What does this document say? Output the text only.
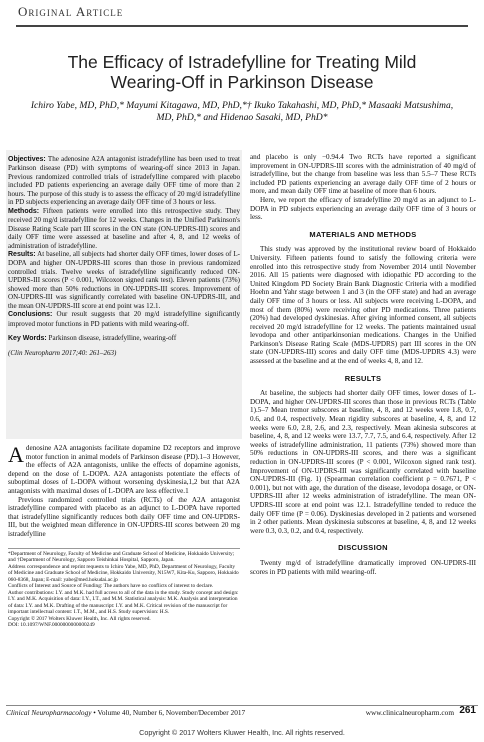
Original Article
The Efficacy of Istradefylline for Treating Mild Wearing-Off in Parkinson Disease
Ichiro Yabe, MD, PhD,* Mayumi Kitagawa, MD, PhD,*† Ikuko Takahashi, MD, PhD,* Masaaki Matsushima, MD, PhD,* and Hidenao Sasaki, MD, PhD*

Objectives: The adenosine A2A antagonist istradefylline has been used to treat Parkinson disease (PD) with symptoms of wearing-off since 2013 in Japan. Previous randomized controlled trials of istradefylline compared with placebo included PD patients experiencing an average daily OFF time of more than 2 hours. The purpose of this study is to assess the efficacy of 20 mg/d istradefylline in PD subjects experiencing an average daily OFF time of 3 hours or less.

Methods: Fifteen patients were enrolled into this retrospective study. They received 20 mg/d istradefylline for 12 weeks. Changes in the Unified Parkinson's Disease Rating Scale part III scores in the ON state (ON-UPDRS-III) scores and daily OFF time were assessed at baseline and after 4, 8, and 12 weeks of administration of istradefylline.

Results: At baseline, all subjects had shorter daily OFF times, lower doses of L-DOPA and higher ON-UPDRS-III scores than those in previous randomized controlled trials. Twelve weeks of istradefylline significantly reduced ON-UPDRS-III scores (P < 0.001, Wilcoxon signed rank test). Eleven patients (73%) showed more than 50% reductions in ON-UPDRS-III scores. Improvement of ON-UPDRS-III was significantly correlated with baseline ON-UPDRS-III, and the mean ON-UPDRS-III score at end point was 12.1.

Conclusions: Our result suggests that 20 mg/d istradefylline significantly improved motor functions in PD patients with mild wearing-off.

Key Words: Parkinson disease, istradefylline, wearing-off

(Clin Neuropharm 2017;40: 261–263)

Adenosine A2A antagonists facilitate dopamine D2 receptors and improve motor function in animal models of Parkinson disease (PD).1–3 However, the effects of A2A antagonists, unlike the effects of dopamine agonists, depend on the dose of L-DOPA. A2A antagonists potentiate the effects of suboptimal doses of L-DOPA without worsening dyskinesia,1,2 but that A2A antagonists with maximal doses of L-DOPA are less effective.1

Previous randomized controlled trials (RCTs) of the A2A antagonist istradefylline compared with placebo as an adjunct to L-DOPA have reported that istradefylline significantly reduces both daily OFF time and ON-UPDRS-III, but the weighted mean difference in ON-UPDRS-III scores between 20 mg istradefylline

*Department of Neurology, Faculty of Medicine and Graduate School of Medicine, Hokkaido University; and †Department of Neurology, Sapporo Teishinkai Hospital, Sapporo, Japan.

Address correspondence and reprint requests to Ichiro Yabe, MD, PhD, Department of Neurology, Faculty of Medicine and Graduate School of Medicine, Hokkaido University, N15W7, Kita-Ku, Sapporo, Hokkaido 060-8368, Japan; E-mail: yabe@med.hokudai.ac.jp

Conflicts of Interest and Source of Funding: The authors have no conflicts of interest to declare.

Author contributions: I.Y. and M.K. had full access to all of the data in the study. Study concept and design: I.Y. and M.K. Acquisition of data: I.Y., I.T., and M.M. Statistical analysis: M.K. Analysis and interpretation of data: I.Y. and M.K. Drafting of the manuscript: I.Y. and M.K. Critical revision of the manuscript for important intellectual content: I.T., M.M., and H.S. Study supervision: H.S.

Copyright © 2017 Wolters Kluwer Health, Inc. All rights reserved.

DOI: 10.1097/WNF.0000000000000249

and placebo is only −0.94.4 Two RCTs have reported a significant improvement in ON-UPDRS-III scores with the administration of 40 mg/d of istradefylline, but the change from baseline was less than 5.5–7 These RCTs included PD patients experiencing an average daily OFF time of 2 hours or more, and mean daily OFF time at baseline of more than 6 hours.

Here, we report the efficacy of istradefylline 20 mg/d as an adjunct to L-DOPA in PD subjects experiencing an average daily OFF time of 3 hours or less.

MATERIALS AND METHODS

This study was approved by the institutional review board of Hokkaido University. Fifteen patients found to satisfy the following criteria were enrolled into this retrospective study from November 2014 until November 2016. All 15 patients were diagnosed with idiopathic PD according to the United Kingdom PD Society Brain Bank Diagnostic Criteria with a modified Hoehn and Yahr stage between 1 and 3 (in the OFF state) and had an average daily OFF time of 3 hours or less. All subjects were receiving L-DOPA, and most of them (80%) were receiving other PD medications. Three patients (20%) had developed dyskinesias. After giving informed consent, all subjects received 20 mg/d istradefylline for 12 weeks. The patients maintained usual levodopa and other antiparkinsonian medications. Changes in the Unified Parkinson's Disease Rating Scale (MDS-UPDRS) part III scores in the ON state (ON-UPDRS-III) scores and daily OFF time (MDS-UPDRS 4.3) were assessed at the baseline and at the end of weeks 4, 8, and 12.

RESULTS

At baseline, the subjects had shorter daily OFF times, lower doses of L-DOPA, and higher ON-UPDRS-III scores than those in previous RCTs (Table 1).5–7 Mean tremor subscores at baseline, 4, 8, and 12 weeks were 1.8, 0.7, 0.6, and 0.4, respectively. Mean rigidity subscores at baseline, 4, 8, and 12 weeks were 6.0, 2.8, 2.6, and 2.3, respectively. Mean akinesia subscores at baseline, 4, 8, and 12 weeks were 13.7, 7.7, 7.5, and 6.4, respectively. After 12 weeks of istradefylline administration, 11 patients (73%) showed more than 50% reductions in ON-UPDRS-III scores, and there was a significant reduction in ON-UPDRS-III scores (P < 0.001, Wilcoxon signed rank test). Improvement of ON-UPDRS-III was significantly correlated with baseline ON-UPDRS-III (Fig. 1) (Spearman correlation coefficient ρ = 0.7671, P < 0.001), but not with age, the duration of the disease, levodopa dosage, or ON-UPDRS-III after 12 weeks administration of istradefylline. The mean ON-UPDRS-III score at end point was 12.1. Istradefylline tended to reduce the daily OFF time (P = 0.06). Dyskinesias developed in 2 patients and worsened in 2 other patients. Mean dyskinesia subscores at baseline, 4, 8, and 12 weeks were 0.3, 0.3, 0.2, and 0.4, respectively.

DISCUSSION

Twenty mg/d of istradefylline dramatically improved ON-UPDRS-III scores in PD patients with mild wearing-off.

Clinical Neuropharmacology • Volume 40, Number 6, November/December 2017	www.clinicalneuropharm.com 261
Copyright © 2017 Wolters Kluwer Health, Inc. All rights reserved.
